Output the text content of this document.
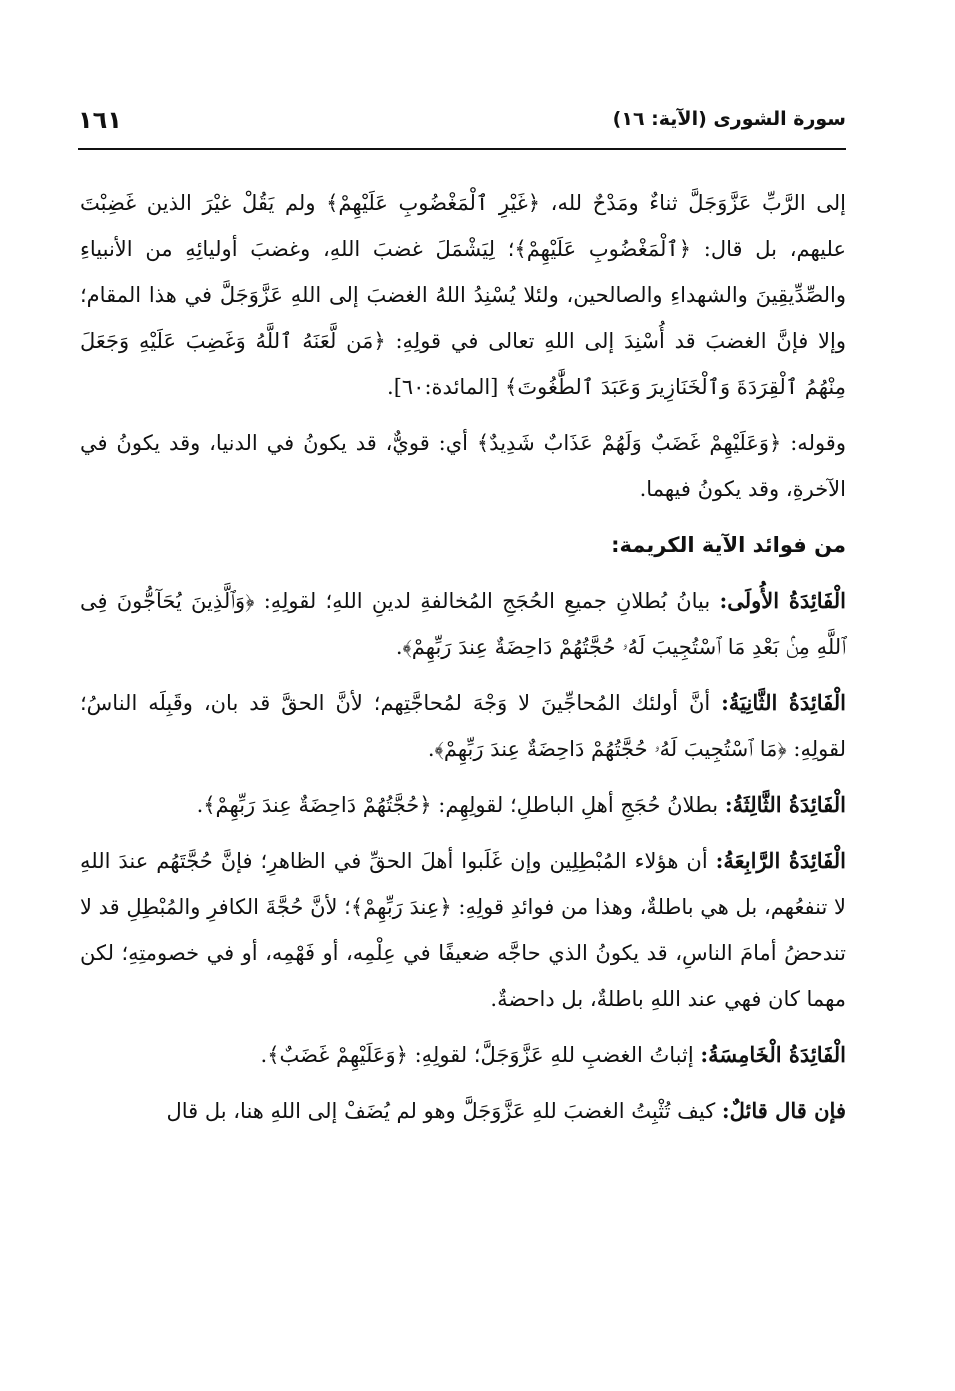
سورة الشورى (الآية: ١٦)
١٦١

إلى الرَّبِّ عَزَّوَجَلَّ ثناءٌ ومَدْحٌ لله، ﴿غَيْرِ ٱلْمَغْضُوبِ عَلَيْهِمْ﴾ ولم يَقُلْ غيْرَ الذين غَضِبْتَ عليهم، بل قال: ﴿ٱلْمَغْضُوبِ عَلَيْهِمْ﴾؛ لِيَشْمَلَ غضبَ اللهِ، وغضبَ أوليائِهِ من الأنبياءِ والصِّدِّيقِينَ والشهداءِ والصالحين، ولئلا يُسْنِدُ اللهُ الغضبَ إلى اللهِ عَزَّوَجَلَّ في هذا المقام؛ وإلا فإنَّ الغضبَ قد أُسْنِدَ إلى اللهِ تعالى في قولِهِ: ﴿مَن لَّعَنَهُ ٱللَّهُ وَغَضِبَ عَلَيْهِ وَجَعَلَ مِنْهُمُ ٱلْقِرَدَةَ وَٱلْخَنَازِيرَ وَعَبَدَ ٱلطَّٰغُوتَ﴾ [المائدة:٦٠].

وقوله: ﴿وَعَلَيْهِمْ غَضَبٌ وَلَهُمْ عَذَابٌ شَدِيدٌ﴾ أي: قويٌّ، قد يكونُ في الدنيا، وقد يكونُ في الآخرةِ، وقد يكونُ فيهما.

من فوائد الآية الكريمة:

الْفَائِدَةُ الأُولَى: بيانُ بُطلانِ جميعِ الحُجَجِ المُخالفةِ لدينِ اللهِ؛ لقولِهِ: ﴿وَٱلَّذِينَ يُحَآجُّونَ فِى ٱللَّهِ مِنۢ بَعْدِ مَا ٱسْتُجِيبَ لَهُۥ حُجَّتُهُمْ دَاحِضَةٌ عِندَ رَبِّهِمْ﴾.

الْفَائِدَةُ الثَّانِيَةُ: أنَّ أولئك المُحاجِّينَ لا وَجْهَ لمُحاجَّتِهم؛ لأنَّ الحقَّ قد بان، وقَبِلَه الناسُ؛ لقولِهِ: ﴿مَا ٱسْتُجِيبَ لَهُۥ حُجَّتُهُمْ دَاحِضَةٌ عِندَ رَبِّهِمْ﴾.

الْفَائِدَةُ الثَّالِثَةُ: بطلانُ حُجَجِ أهلِ الباطلِ؛ لقولِهِم: ﴿حُجَّتُهُمْ دَاحِضَةٌ عِندَ رَبِّهِمْ﴾.

الْفَائِدَةُ الرَّابِعَةُ: أن هؤلاء المُبْطِلِين وإن غَلَبوا أهلَ الحقِّ في الظاهرِ؛ فإنَّ حُجَّتَهُم عندَ اللهِ لا تنفعُهم، بل هي باطلةٌ، وهذا من فوائدِ قولِهِ: ﴿عِندَ رَبِّهِمْ﴾؛ لأنَّ حُجَّةَ الكافرِ والمُبْطِلِ قد لا تندحضُ أمامَ الناسِ، قد يكونُ الذي حاجَّه ضعيفًا في عِلْمِه، أو فَهْمِه، أو في خصومتِهِ؛ لكن مهما كان فهي عند اللهِ باطلةٌ، بل داحضةٌ.

الْفَائِدَةُ الْخَامِسَةُ: إثباتُ الغضبِ للهِ عَزَّوَجَلَّ؛ لقولِهِ: ﴿وَعَلَيْهِمْ غَضَبٌ﴾.

فإن قال قائلٌ: كيف تُثْبِتُ الغضبَ للهِ عَزَّوَجَلَّ وهو لم يُضَفْ إلى اللهِ هنا، بل قال
